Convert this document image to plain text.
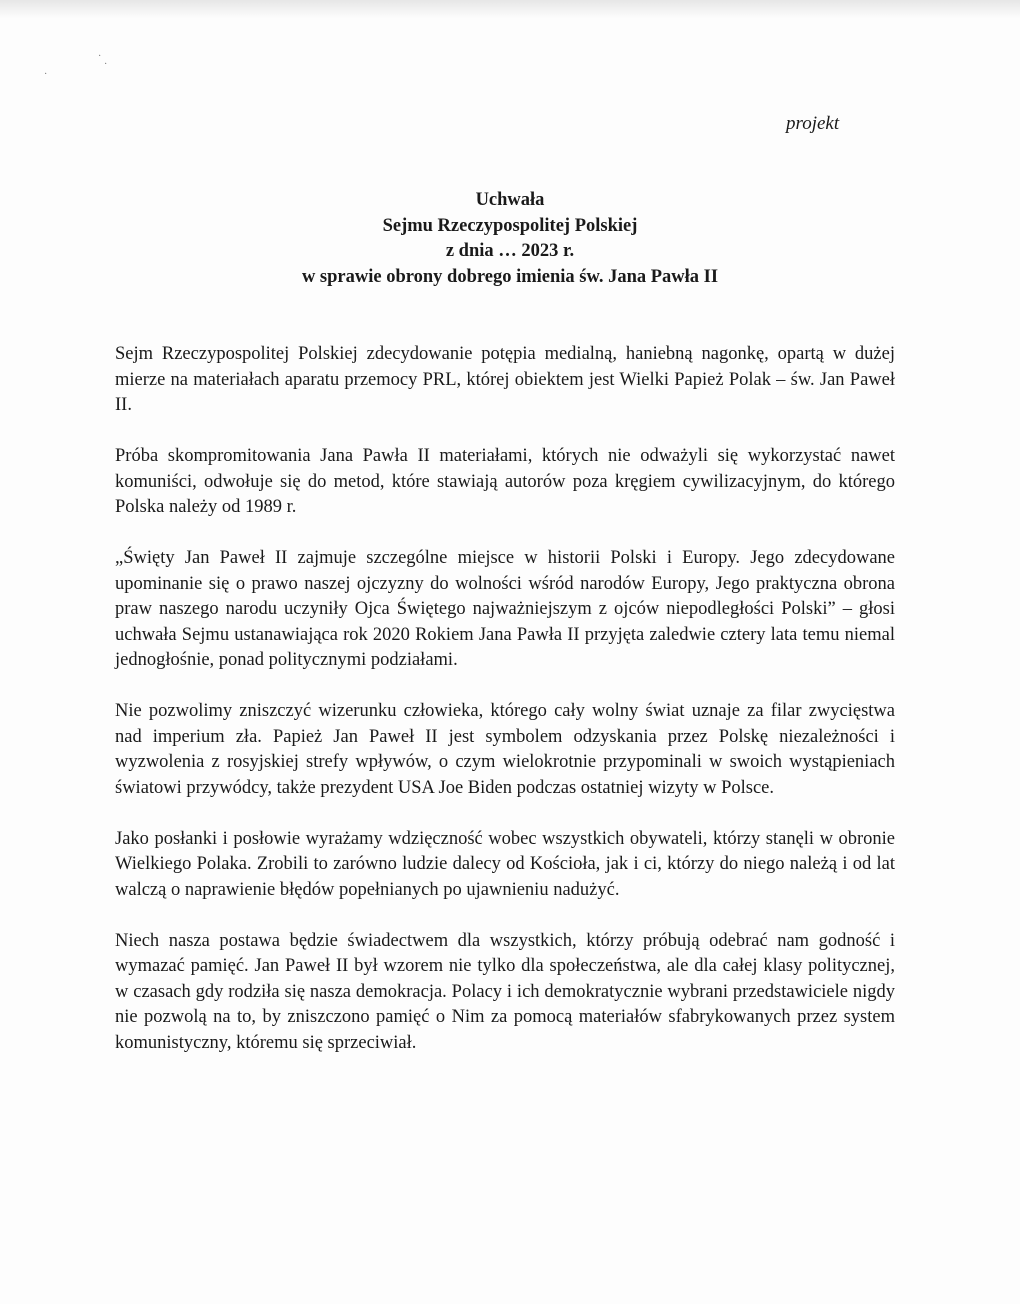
·
·
·
projekt
Uchwała
Sejmu Rzeczypospolitej Polskiej
z dnia … 2023 r.
w sprawie obrony dobrego imienia św. Jana Pawła II

Sejm Rzeczypospolitej Polskiej zdecydowanie potępia medialną, haniebną nagonkę, opartą w dużej mierze na materiałach aparatu przemocy PRL, której obiektem jest Wielki Papież Polak – św. Jan Paweł II.

Próba skompromitowania Jana Pawła II materiałami, których nie odważyli się wykorzystać nawet komuniści, odwołuje się do metod, które stawiają autorów poza kręgiem cywilizacyjnym, do którego Polska należy od 1989 r.

„Święty Jan Paweł II zajmuje szczególne miejsce w historii Polski i Europy. Jego zdecydowane upominanie się o prawo naszej ojczyzny do wolności wśród narodów Europy, Jego praktyczna obrona praw naszego narodu uczyniły Ojca Świętego najważniejszym z ojców niepodległości Polski” – głosi uchwała Sejmu ustanawiająca rok 2020 Rokiem Jana Pawła II przyjęta zaledwie cztery lata temu niemal jednogłośnie, ponad politycznymi podziałami.

Nie pozwolimy zniszczyć wizerunku człowieka, którego cały wolny świat uznaje za filar zwycięstwa nad imperium zła. Papież Jan Paweł II jest symbolem odzyskania przez Polskę niezależności i wyzwolenia z rosyjskiej strefy wpływów, o czym wielokrotnie przypominali w swoich wystąpieniach światowi przywódcy, także prezydent USA Joe Biden podczas ostatniej wizyty w Polsce.

Jako posłanki i posłowie wyrażamy wdzięczność wobec wszystkich obywateli, którzy stanęli w obronie Wielkiego Polaka. Zrobili to zarówno ludzie dalecy od Kościoła, jak i ci, którzy do niego należą i od lat walczą o naprawienie błędów popełnianych po ujawnieniu nadużyć.

Niech nasza postawa będzie świadectwem dla wszystkich, którzy próbują odebrać nam godność i wymazać pamięć. Jan Paweł II był wzorem nie tylko dla społeczeństwa, ale dla całej klasy politycznej, w czasach gdy rodziła się nasza demokracja. Polacy i ich demokratycznie wybrani przedstawiciele nigdy nie pozwolą na to, by zniszczono pamięć o Nim za pomocą materiałów sfabrykowanych przez system komunistyczny, któremu się sprzeciwiał.
